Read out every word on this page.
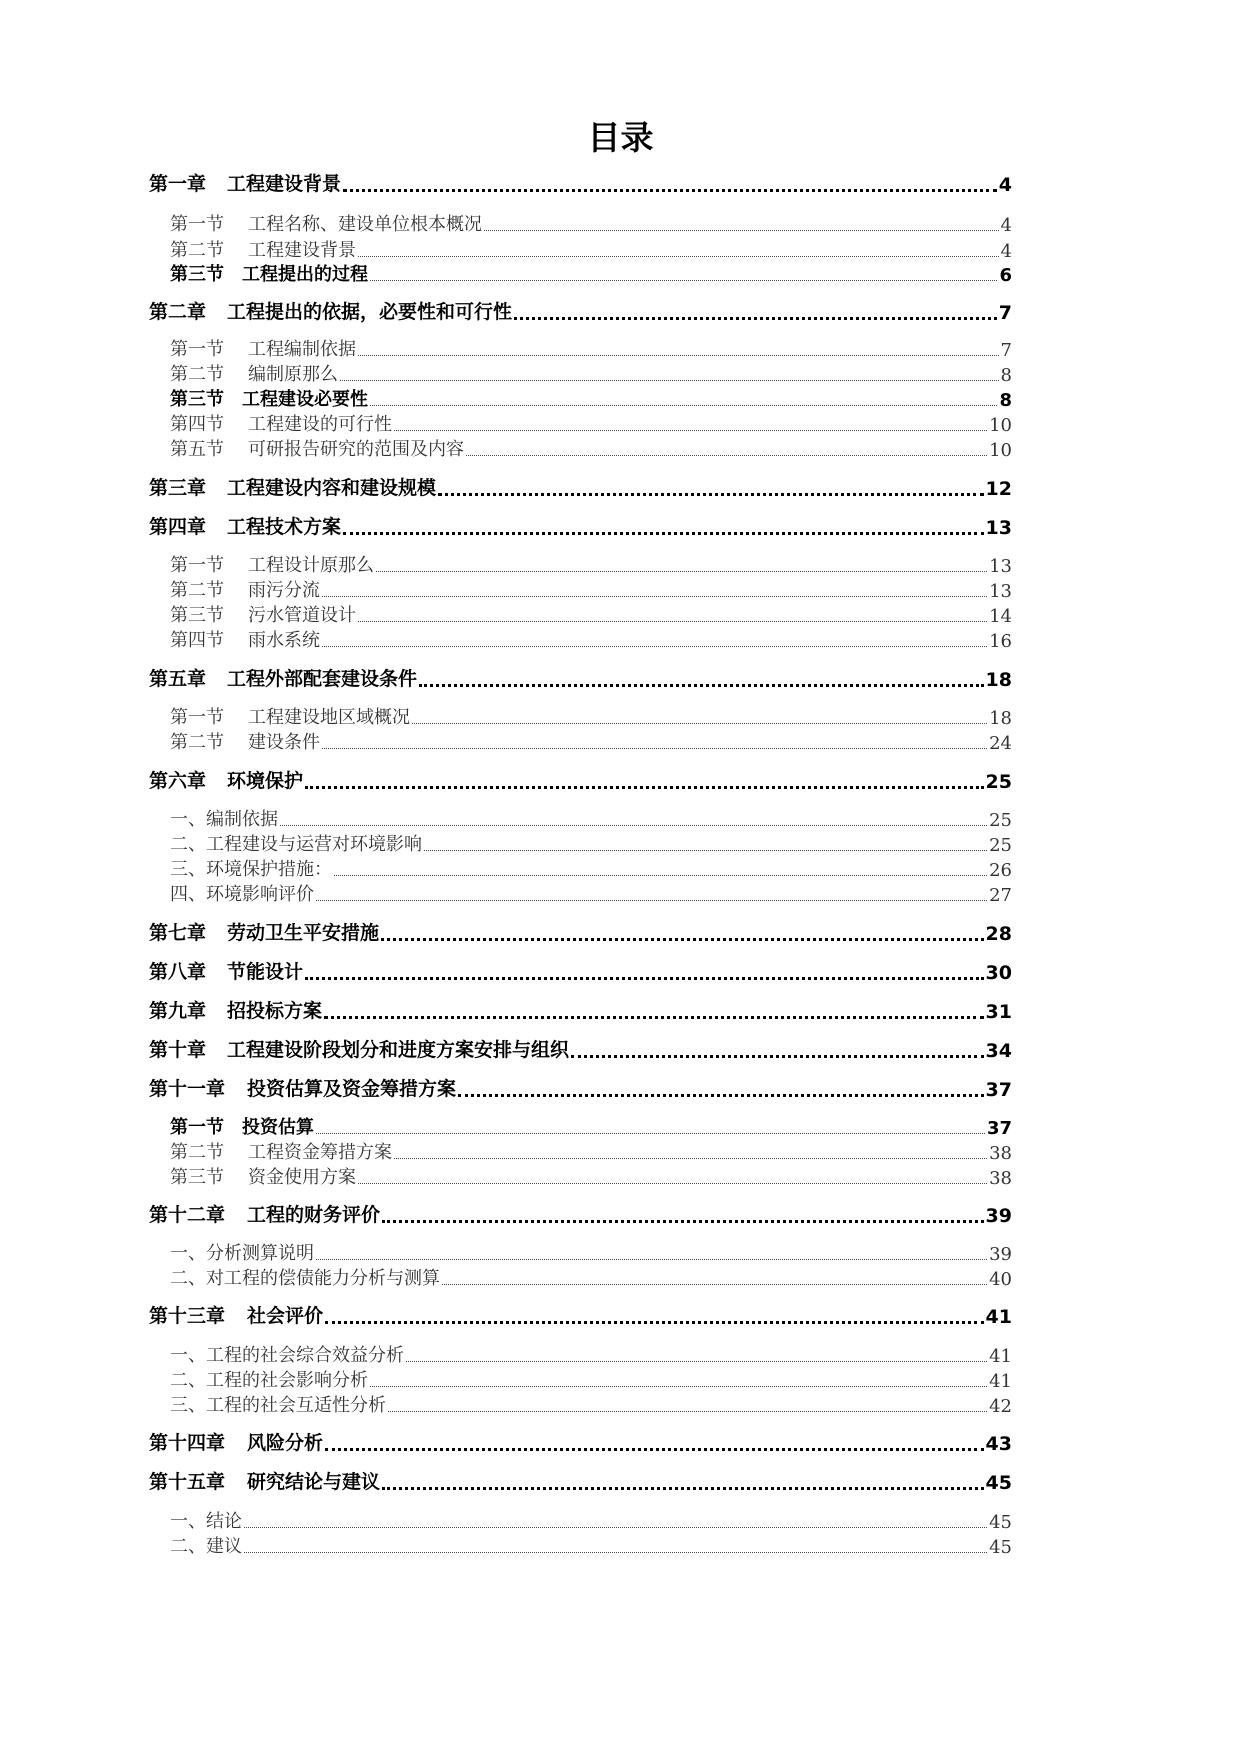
目录
第一章	工程建设背景	4
第一节	工程名称、建设单位根本概况	4
第二节	工程建设背景	4
第三节	工程提出的过程	6
第二章	工程提出的依据，必要性和可行性	7
第一节	工程编制依据	7
第二节	编制原那么	8
第三节	工程建设必要性	8
第四节	工程建设的可行性	10
第五节	可研报告研究的范围及内容	10
第三章	工程建设内容和建设规模	12
第四章	工程技术方案	13
第一节	工程设计原那么	13
第二节	雨污分流	13
第三节	污水管道设计	14
第四节	雨水系统	16
第五章	工程外部配套建设条件	18
第一节	工程建设地区域概况	18
第二节	建设条件	24
第六章	环境保护	25
一、 编制依据	25
二、 工程建设与运营对环境影响	25
三、 环境保护措施：	26
四、 环境影响评价	27
第七章	劳动卫生平安措施	28
第八章	节能设计	30
第九章	招投标方案	31
第十章	工程建设阶段划分和进度方案安排与组织	34
第十一章	投资估算及资金筹措方案	37
第一节	投资估算	37
第二节	工程资金筹措方案	38
第三节	资金使用方案	38
第十二章	工程的财务评价	39
一、 分析测算说明	39
二、 对工程的偿债能力分析与测算	40
第十三章	社会评价	41
一、 工程的社会综合效益分析	41
二、 工程的社会影响分析	41
三、 工程的社会互适性分析	42
第十四章	风险分析	43
第十五章	研究结论与建议	45
一、 结论	45
二、 建议	45
